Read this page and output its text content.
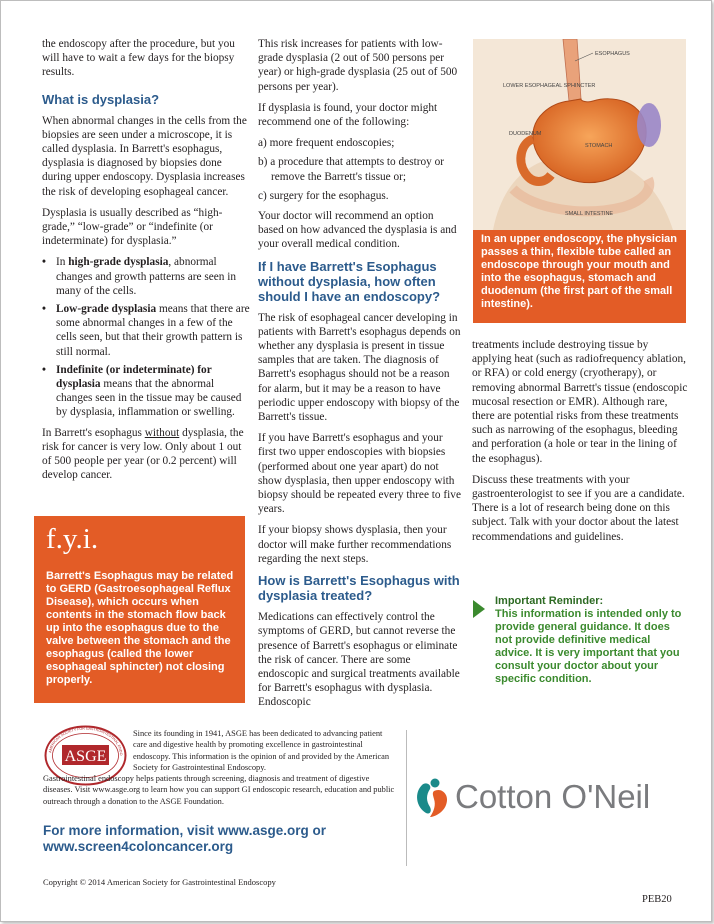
the endoscopy after the procedure, but you will have to wait a few days for the biopsy results.

What is dysplasia?

When abnormal changes in the cells from the biopsies are seen under a microscope, it is called dysplasia. In Barrett's esophagus, dysplasia is diagnosed by biopsies done during upper endoscopy. Dysplasia increases the risk of developing esophageal cancer.

Dysplasia is usually described as “high-grade,” “low-grade” or “indefinite (or indeterminate) for dysplasia.”

• In high-grade dysplasia, abnormal changes and growth patterns are seen in many of the cells.
• Low-grade dysplasia means that there are some abnormal changes in a few of the cells seen, but that their growth pattern is still normal.
• Indefinite (or indeterminate) for dysplasia means that the abnormal changes seen in the tissue may be caused by dysplasia, inflammation or swelling.

In Barrett's esophagus without dysplasia, the risk for cancer is very low. Only about 1 out of 500 people per year (or 0.2 percent) will develop cancer.

f.y.i.
Barrett's Esophagus may be related to GERD (Gastroesophageal Reflux Disease), which occurs when contents in the stomach flow back up into the esophagus due to the valve between the stomach and the esophagus (called the lower esophageal sphincter) not closing properly.

This risk increases for patients with low-grade dysplasia (2 out of 500 persons per year) or high-grade dysplasia (25 out of 500 persons per year).

If dysplasia is found, your doctor might recommend one of the following:

a) more frequent endoscopies;
b) a procedure that attempts to destroy or remove the Barrett's tissue or;
c) surgery for the esophagus.

Your doctor will recommend an option based on how advanced the dysplasia is and your overall medical condition.

If I have Barrett's Esophagus without dysplasia, how often should I have an endoscopy?

The risk of esophageal cancer developing in patients with Barrett's esophagus depends on whether any dysplasia is present in tissue samples that are taken. The diagnosis of Barrett's esophagus should not be a reason for alarm, but it may be a reason to have periodic upper endoscopy with biopsy of the Barrett's tissue.

If you have Barrett's esophagus and your first two upper endoscopies with biopsies (performed about one year apart) do not show dysplasia, then upper endoscopy with biopsy should be repeated every three to five years.

If your biopsy shows dysplasia, then your doctor will make further recommendations regarding the next steps.

How is Barrett's Esophagus with dysplasia treated?

Medications can effectively control the symptoms of GERD, but cannot reverse the presence of Barrett's esophagus or eliminate the risk of cancer. There are some endoscopic and surgical treatments available for Barrett's esophagus with dysplasia. Endoscopic

ESOPHAGUS
LOWER ESOPHAGEAL SPHINCTER
DUODENUM
STOMACH
SMALL INTESTINE
In an upper endoscopy, the physician passes a thin, flexible tube called an endoscope through your mouth and into the esophagus, stomach and duodenum (the first part of the small intestine).

treatments include destroying tissue by applying heat (such as radiofrequency ablation, or RFA) or cold energy (cryotherapy), or removing abnormal Barrett's tissue (endoscopic mucosal resection or EMR). Although rare, there are potential risks from these treatments such as narrowing of the esophagus, bleeding and perforation (a hole or tear in the lining of the esophagus).

Discuss these treatments with your gastroenterologist to see if you are a candidate. There is a lot of research being done on this subject. Talk with your doctor about the latest recommendations and guidelines.

Important Reminder:
This information is intended only to provide general guidance. It does not provide definitive medical advice. It is very important that you consult your doctor about your specific condition.
ASGE
AMERICAN SOCIETY FOR GASTROINTESTINAL ENDO
Since its founding in 1941, ASGE has been dedicated to advancing patient care and digestive health by promoting excellence in gastrointestinal endoscopy. This information is the opinion of and provided by the American Society for Gastrointestinal Endoscopy.
Gastrointestinal endoscopy helps patients through screening, diagnosis and treatment of digestive diseases. Visit www.asge.org to learn how you can support GI endoscopic research, education and public outreach through a donation to the ASGE Foundation.
For more information, visit www.asge.org or
www.screen4coloncancer.org
Cotton O'Neil
Copyright © 2014 American Society for Gastrointestinal Endoscopy
PEB20
